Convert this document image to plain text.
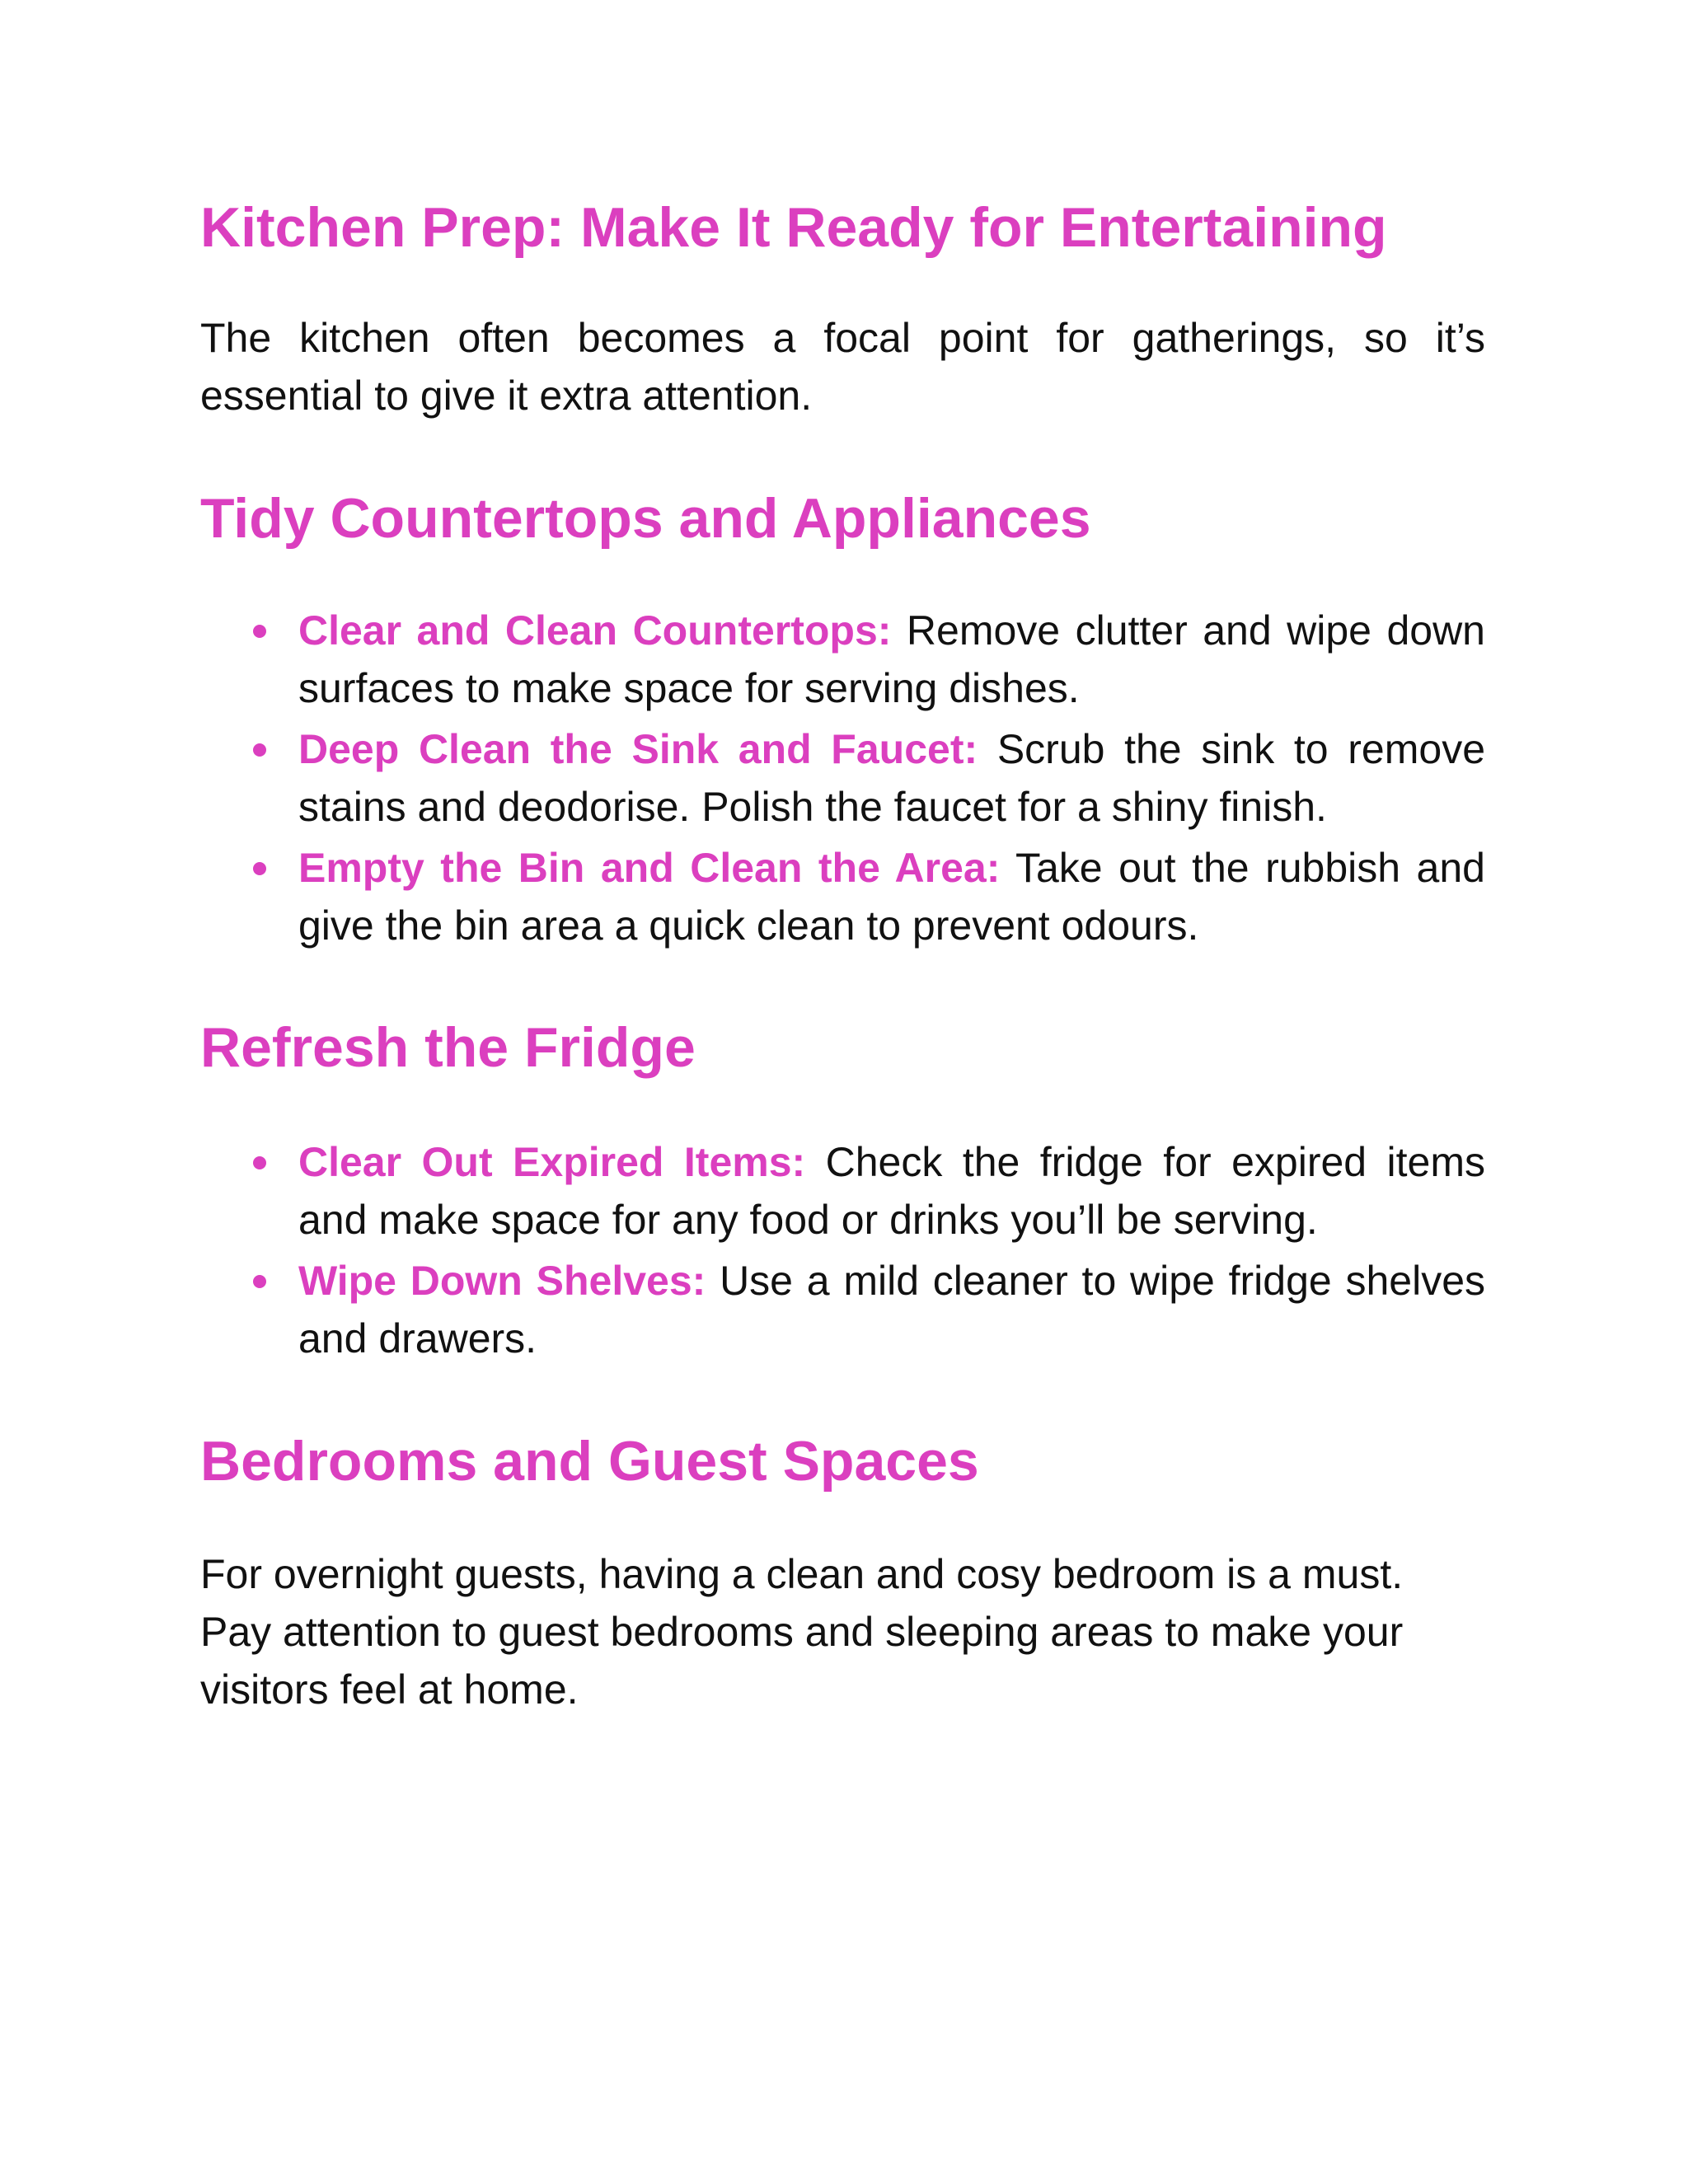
Kitchen Prep: Make It Ready for Entertaining

The kitchen often becomes a focal point for gatherings, so it’s essential to give it extra attention.

Tidy Countertops and Appliances
Clear and Clean Countertops: Remove clutter and wipe down surfaces to make space for serving dishes.
Deep Clean the Sink and Faucet: Scrub the sink to remove stains and deodorise. Polish the faucet for a shiny finish.
Empty the Bin and Clean the Area: Take out the rubbish and give the bin area a quick clean to prevent odours.
Refresh the Fridge
Clear Out Expired Items: Check the fridge for expired items and make space for any food or drinks you’ll be serving.
Wipe Down Shelves: Use a mild cleaner to wipe fridge shelves and drawers.
Bedrooms and Guest Spaces

For overnight guests, having a clean and cosy bedroom is a must. Pay attention to guest bedrooms and sleeping areas to make your visitors feel at home.
